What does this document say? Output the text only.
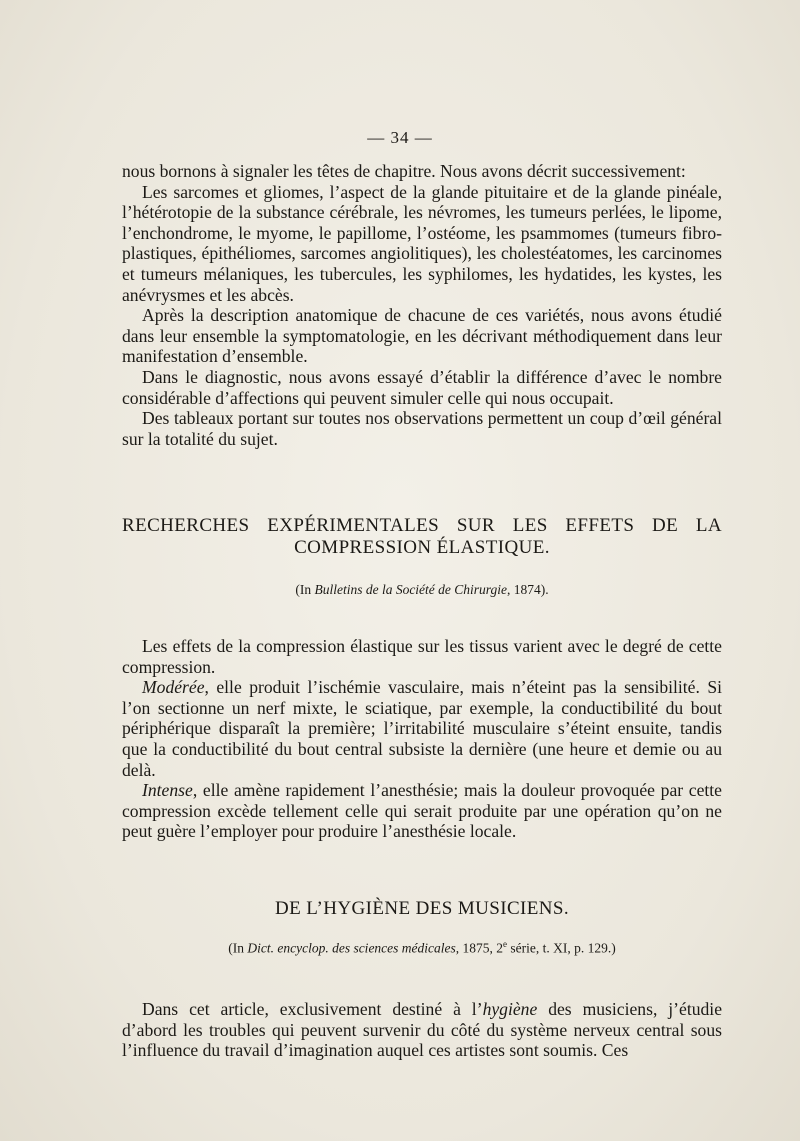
— 34 —

nous bornons à signaler les têtes de chapitre. Nous avons décrit successivement:

Les sarcomes et gliomes, l’aspect de la glande pituitaire et de la glande pinéale, l’hétérotopie de la substance cérébrale, les névromes, les tumeurs perlées, le lipome, l’enchondrome, le myome, le papillome, l’ostéome, les psammomes (tumeurs fibro-plastiques, épithéliomes, sarcomes angiolitiques), les cholestéatomes, les carcinomes et tumeurs mélaniques, les tubercules, les syphilomes, les hydatides, les kystes, les anévrysmes et les abcès.

Après la description anatomique de chacune de ces variétés, nous avons étudié dans leur ensemble la symptomatologie, en les décrivant méthodiquement dans leur manifestation d’ensemble.

Dans le diagnostic, nous avons essayé d’établir la différence d’avec le nombre considérable d’affections qui peuvent simuler celle qui nous occupait.

Des tableaux portant sur toutes nos observations permettent un coup d’œil général sur la totalité du sujet.

RECHERCHES EXPÉRIMENTALES SUR LES EFFETS DE LA COMPRESSION ÉLASTIQUE.
(In Bulletins de la Société de Chirurgie, 1874).

Les effets de la compression élastique sur les tissus varient avec le degré de cette compression.

Modérée, elle produit l’ischémie vasculaire, mais n’éteint pas la sensibilité. Si l’on sectionne un nerf mixte, le sciatique, par exemple, la conductibilité du bout périphérique disparaît la première; l’irritabilité musculaire s’éteint ensuite, tandis que la conductibilité du bout central subsiste la dernière (une heure et demie ou au delà.

Intense, elle amène rapidement l’anesthésie; mais la douleur provoquée par cette compression excède tellement celle qui serait produite par une opération qu’on ne peut guère l’employer pour produire l’anesthésie locale.

DE L’HYGIÈNE DES MUSICIENS.
(In Dict. encyclop. des sciences médicales, 1875, 2e série, t. XI, p. 129.)

Dans cet article, exclusivement destiné à l’hygiène des musiciens, j’étudie d’abord les troubles qui peuvent survenir du côté du système nerveux central sous l’influence du travail d’imagination auquel ces artistes sont soumis. Ces
